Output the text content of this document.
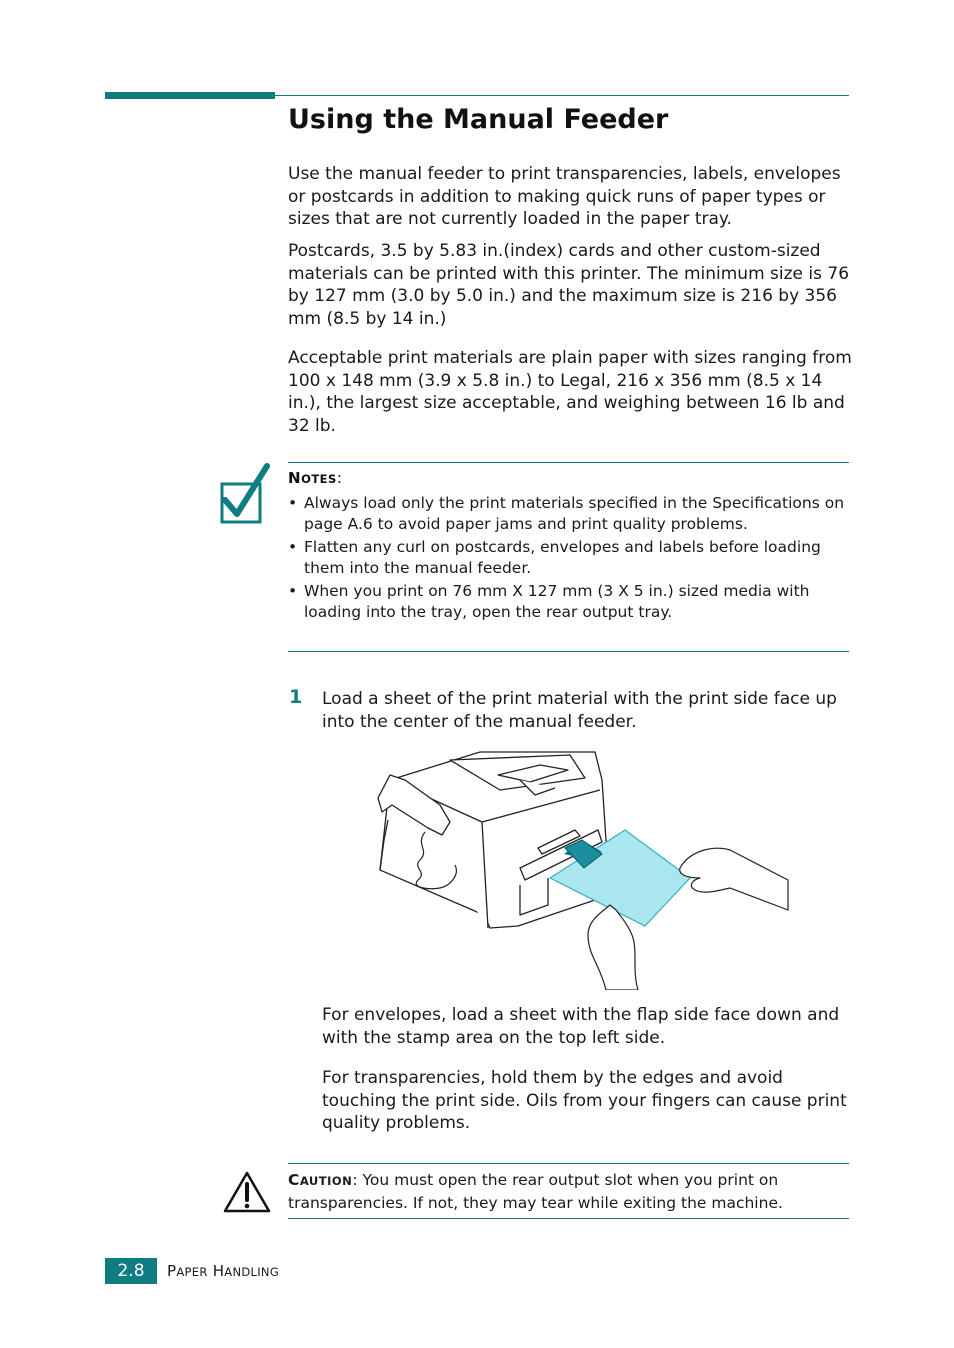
Using the Manual Feeder

Use the manual feeder to print transparencies, labels, envelopes or postcards in addition to making quick runs of paper types or sizes that are not currently loaded in the paper tray.

Postcards, 3.5 by 5.83 in.(index) cards and other custom-sized materials can be printed with this printer. The minimum size is 76 by 127 mm (3.0 by 5.0 in.) and the maximum size is 216 by 356 mm (8.5 by 14 in.)

Acceptable print materials are plain paper with sizes ranging from 100 x 148 mm (3.9 x 5.8 in.) to Legal, 216 x 356 mm (8.5 x 14 in.), the largest size acceptable, and weighing between 16 lb and 32 lb.

NOTES:
• Always load only the print materials specified in the Specifications on page A.6 to avoid paper jams and print quality problems.
• Flatten any curl on postcards, envelopes and labels before loading them into the manual feeder.
• When you print on 76 mm X 127 mm (3 X 5 in.) sized media with loading into the tray, open the rear output tray.
1 Load a sheet of the print material with the print side face up into the center of the manual feeder.

For envelopes, load a sheet with the flap side face down and with the stamp area on the top left side.

For transparencies, hold them by the edges and avoid touching the print side. Oils from your fingers can cause print quality problems.

CAUTION: You must open the rear output slot when you print on transparencies. If not, they may tear while exiting the machine.

2.8	PAPER HANDLING
